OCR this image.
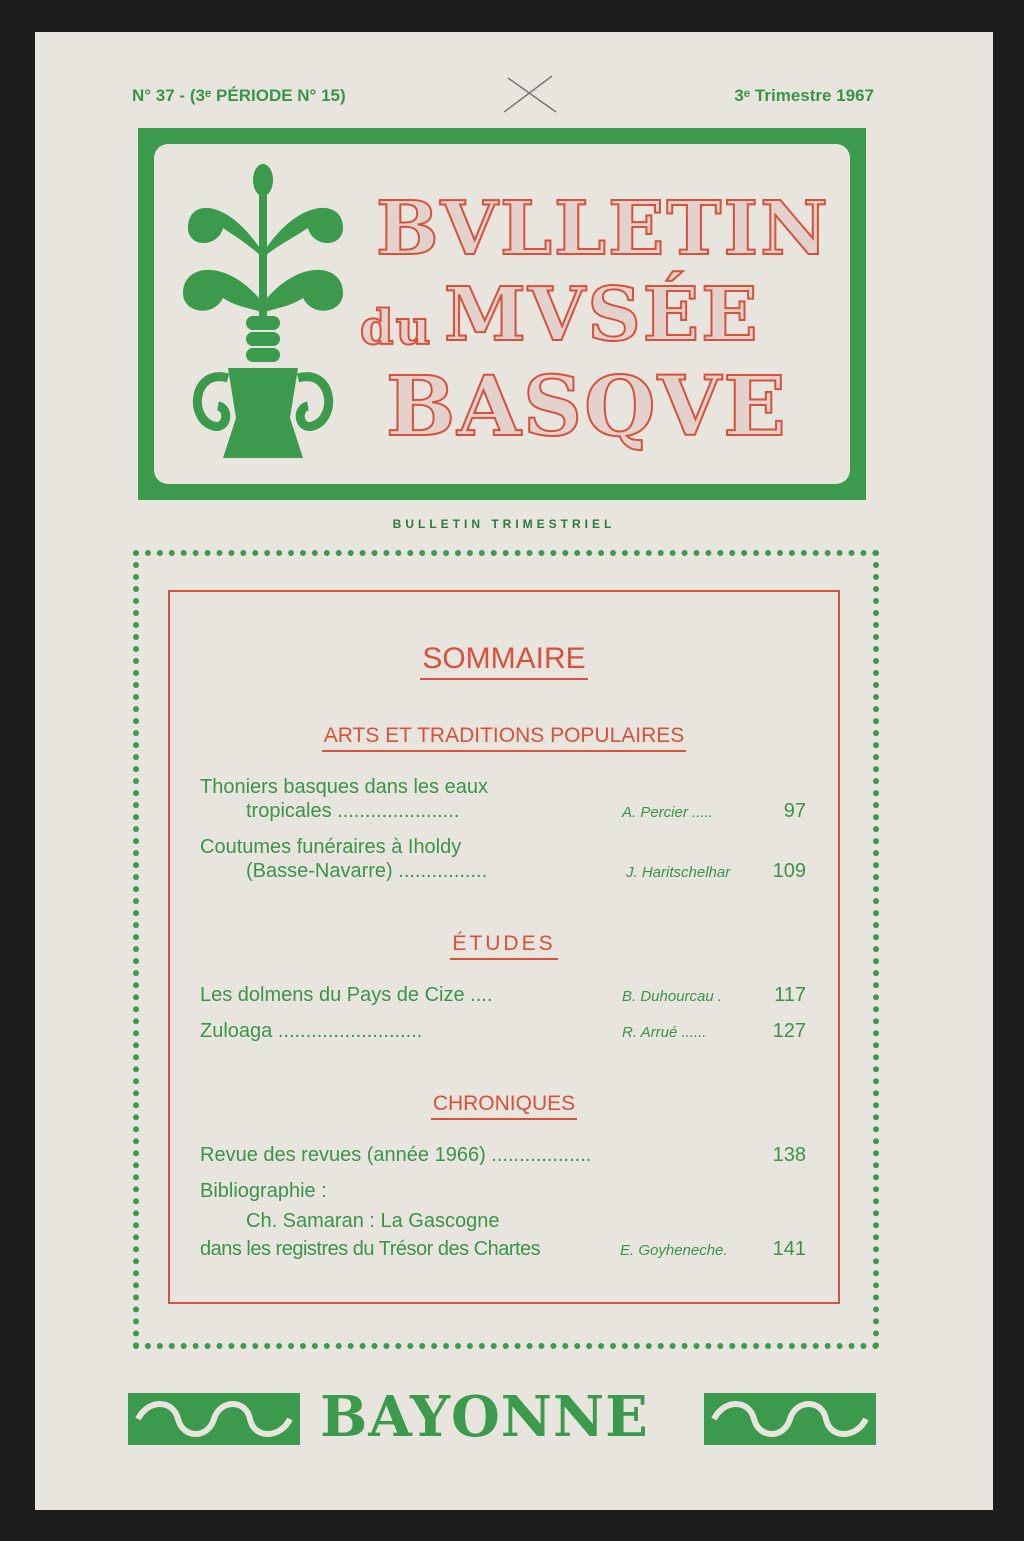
N° 37 - (3ᵉ PÉRIODE N° 15)	3ᵉ Trimestre 1967
BVLLETIN
du MVSÉE
BASQVE
BULLETIN TRIMESTRIEL
SOMMAIRE
ARTS ET TRADITIONS POPULAIRES
Thoniers basques dans les eaux
tropicales ......................	A. Percier .....	97
Coutumes funéraires à Iholdy
(Basse-Navarre) ................	J. Haritschelhar	109
ÉTUDES
Les dolmens du Pays de Cize ....	B. Duhourcau .	117
Zuloaga ..........................	R. Arrué ......	127
CHRONIQUES
Revue des revues (année 1966) ..................	138
Bibliographie :
Ch. Samaran : La Gascogne
dans les registres du Trésor des Chartes	E. Goyheneche.	141
BAYONNE
